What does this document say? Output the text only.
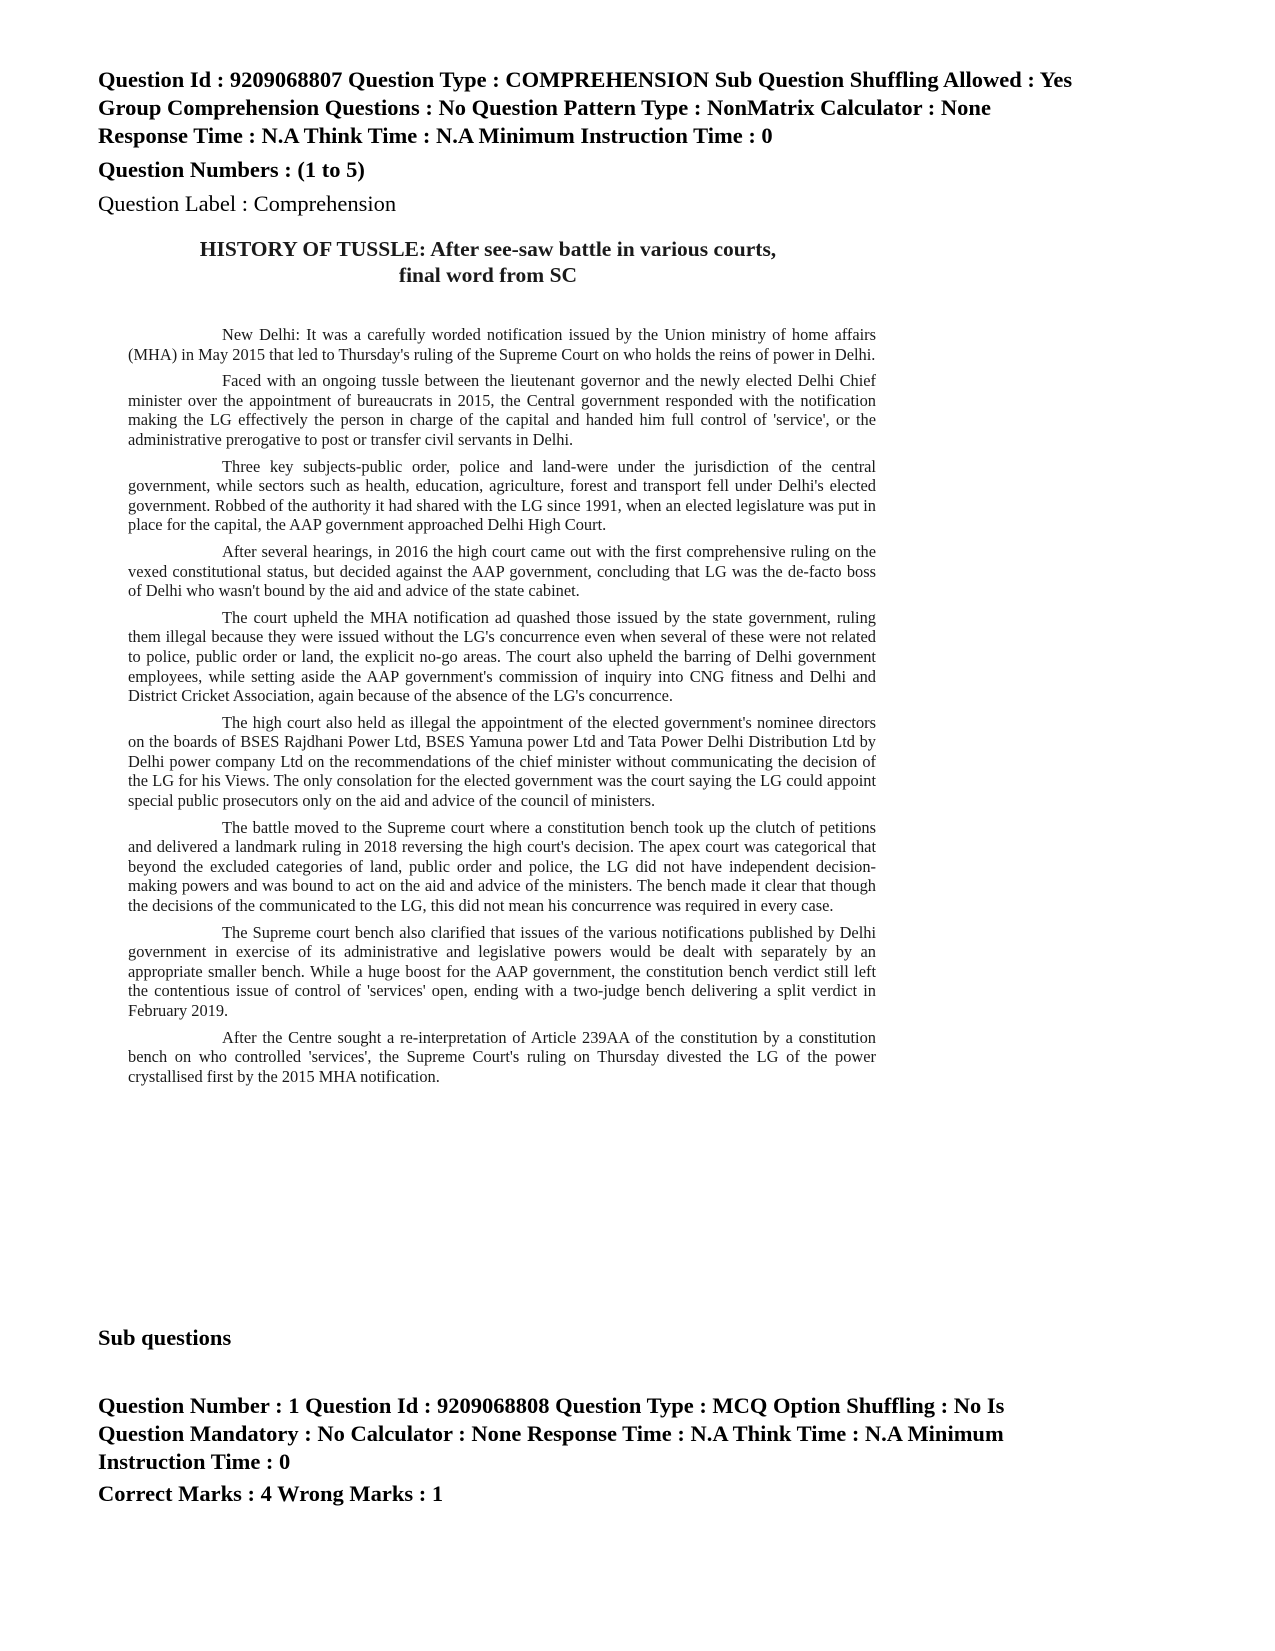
Question Id : 9209068807 Question Type : COMPREHENSION Sub Question Shuffling Allowed : Yes
Group Comprehension Questions : No Question Pattern Type : NonMatrix Calculator : None
Response Time : N.A Think Time : N.A Minimum Instruction Time : 0
Question Numbers : (1 to 5)
Question Label : Comprehension
HISTORY OF TUSSLE: After see-saw battle in various courts,
final word from SC

New Delhi: It was a carefully worded notification issued by the Union ministry of home affairs (MHA) in May 2015 that led to Thursday's ruling of the Supreme Court on who holds the reins of power in Delhi.

Faced with an ongoing tussle between the lieutenant governor and the newly elected Delhi Chief minister over the appointment of bureaucrats in 2015, the Central government responded with the notification making the LG effectively the person in charge of the capital and handed him full control of 'service', or the administrative prerogative to post or transfer civil servants in Delhi.

Three key subjects-public order, police and land-were under the jurisdiction of the central government, while sectors such as health, education, agriculture, forest and transport fell under Delhi's elected government. Robbed of the authority it had shared with the LG since 1991, when an elected legislature was put in place for the capital, the AAP government approached Delhi High Court.

After several hearings, in 2016 the high court came out with the first comprehensive ruling on the vexed constitutional status, but decided against the AAP government, concluding that LG was the de-facto boss of Delhi who wasn't bound by the aid and advice of the state cabinet.

The court upheld the MHA notification ad quashed those issued by the state government, ruling them illegal because they were issued without the LG's concurrence even when several of these were not related to police, public order or land, the explicit no-go areas. The court also upheld the barring of Delhi government employees, while setting aside the AAP government's commission of inquiry into CNG fitness and Delhi and District Cricket Association, again because of the absence of the LG's concurrence.

The high court also held as illegal the appointment of the elected government's nominee directors on the boards of BSES Rajdhani Power Ltd, BSES Yamuna power Ltd and Tata Power Delhi Distribution Ltd by Delhi power company Ltd on the recommendations of the chief minister without communicating the decision of the LG for his Views. The only consolation for the elected government was the court saying the LG could appoint special public prosecutors only on the aid and advice of the council of ministers.

The battle moved to the Supreme court where a constitution bench took up the clutch of petitions and delivered a landmark ruling in 2018 reversing the high court's decision. The apex court was categorical that beyond the excluded categories of land, public order and police, the LG did not have independent decision-making powers and was bound to act on the aid and advice of the ministers. The bench made it clear that though the decisions of the communicated to the LG, this did not mean his concurrence was required in every case.

The Supreme court bench also clarified that issues of the various notifications published by Delhi government in exercise of its administrative and legislative powers would be dealt with separately by an appropriate smaller bench. While a huge boost for the AAP government, the constitution bench verdict still left the contentious issue of control of 'services' open, ending with a two-judge bench delivering a split verdict in February 2019.

After the Centre sought a re-interpretation of Article 239AA of the constitution by a constitution bench on who controlled 'services', the Supreme Court's ruling on Thursday divested the LG of the power crystallised first by the 2015 MHA notification.

Sub questions
Question Number : 1 Question Id : 9209068808 Question Type : MCQ Option Shuffling : No Is
Question Mandatory : No Calculator : None Response Time : N.A Think Time : N.A Minimum
Instruction Time : 0
Correct Marks : 4 Wrong Marks : 1
